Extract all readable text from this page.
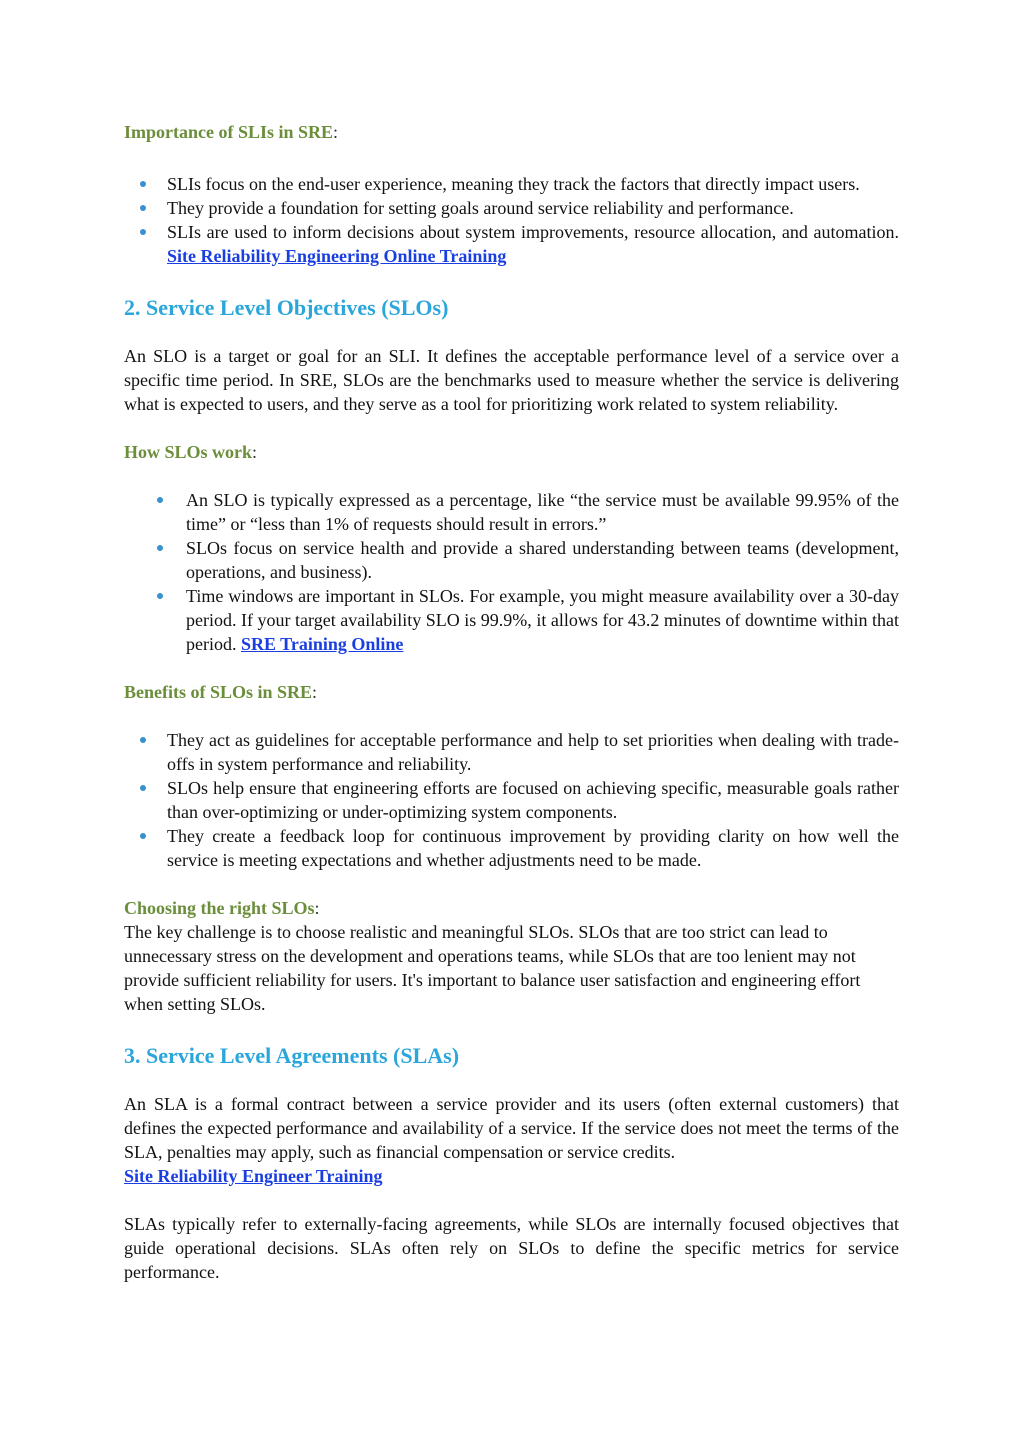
Importance of SLIs in SRE:

SLIs focus on the end-user experience, meaning they track the factors that directly impact users.
They provide a foundation for setting goals around service reliability and performance.
SLIs are used to inform decisions about system improvements, resource allocation, and automation. Site Reliability Engineering Online Training
2. Service Level Objectives (SLOs)

An SLO is a target or goal for an SLI. It defines the acceptable performance level of a service over a specific time period. In SRE, SLOs are the benchmarks used to measure whether the service is delivering what is expected to users, and they serve as a tool for prioritizing work related to system reliability.

How SLOs work:

An SLO is typically expressed as a percentage, like “the service must be available 99.95% of the time” or “less than 1% of requests should result in errors.”
SLOs focus on service health and provide a shared understanding between teams (development, operations, and business).
Time windows are important in SLOs. For example, you might measure availability over a 30-day period. If your target availability SLO is 99.9%, it allows for 43.2 minutes of downtime within that period. SRE Training Online

Benefits of SLOs in SRE:

They act as guidelines for acceptable performance and help to set priorities when dealing with trade-offs in system performance and reliability.
SLOs help ensure that engineering efforts are focused on achieving specific, measurable goals rather than over-optimizing or under-optimizing system components.
They create a feedback loop for continuous improvement by providing clarity on how well the service is meeting expectations and whether adjustments need to be made.

Choosing the right SLOs:

The key challenge is to choose realistic and meaningful SLOs. SLOs that are too strict can lead to unnecessary stress on the development and operations teams, while SLOs that are too lenient may not provide sufficient reliability for users. It's important to balance user satisfaction and engineering effort when setting SLOs.

3. Service Level Agreements (SLAs)

An SLA is a formal contract between a service provider and its users (often external customers) that defines the expected performance and availability of a service. If the service does not meet the terms of the SLA, penalties may apply, such as financial compensation or service credits.
Site Reliability Engineer Training

SLAs typically refer to externally-facing agreements, while SLOs are internally focused objectives that guide operational decisions. SLAs often rely on SLOs to define the specific metrics for service performance.
